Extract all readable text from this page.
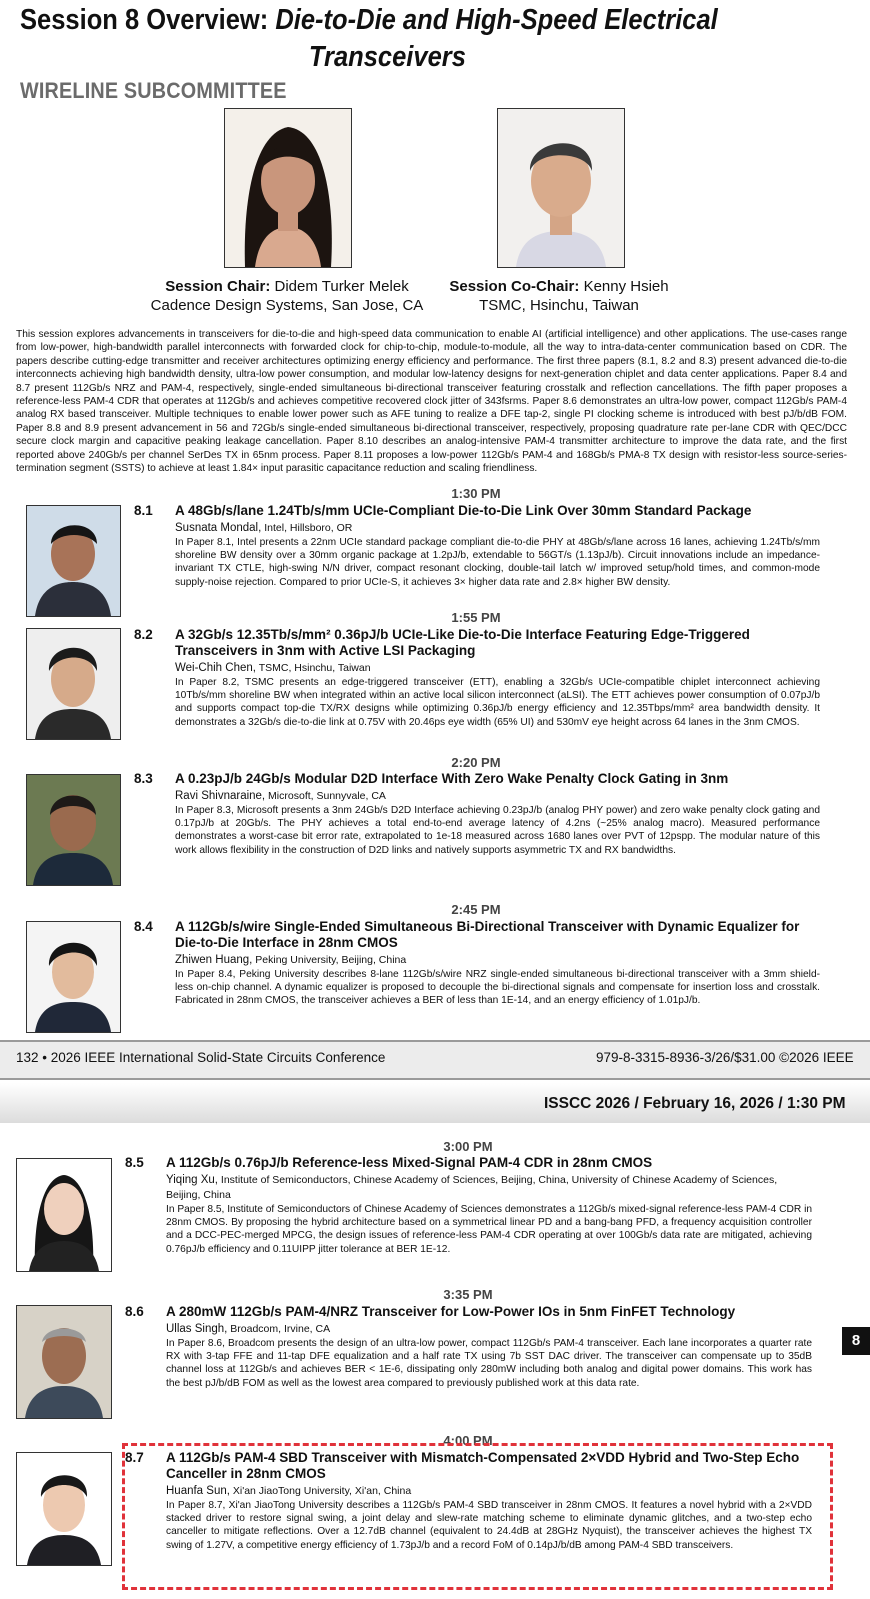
Session 8 Overview: Die-to-Die and High-Speed Electrical
Transceivers
WIRELINE SUBCOMMITTEE
Session Chair: Didem Turker Melek
Cadence Design Systems, San Jose, CA
Session Co-Chair: Kenny Hsieh
TSMC, Hsinchu, Taiwan
This session explores advancements in transceivers for die-to-die and high-speed data communication to enable AI (artificial intelligence) and other applications. The use-cases range from low-power, high-bandwidth parallel interconnects with forwarded clock for chip-to-chip, module-to-module, all the way to intra-data-center communication based on CDR. The papers describe cutting-edge transmitter and receiver architectures optimizing energy efficiency and performance. The first three papers (8.1, 8.2 and 8.3) present advanced die-to-die interconnects achieving high bandwidth density, ultra-low power consumption, and modular low-latency designs for next-generation chiplet and data center applications. Paper 8.4 and 8.7 present 112Gb/s NRZ and PAM-4, respectively, single-ended simultaneous bi-directional transceiver featuring crosstalk and reflection cancellations. The fifth paper proposes a reference-less PAM-4 CDR that operates at 112Gb/s and achieves competitive recovered clock jitter of 343fsrms. Paper 8.6 demonstrates an ultra-low power, compact 112Gb/s PAM-4 analog RX based transceiver. Multiple techniques to enable lower power such as AFE tuning to realize a DFE tap-2, single PI clocking scheme is introduced with best pJ/b/dB FOM. Paper 8.8 and 8.9 present advancement in 56 and 72Gb/s single-ended simultaneous bi-directional transceiver, respectively, proposing quadrature rate per-lane CDR with QEC/DCC secure clock margin and capacitive peaking leakage cancellation. Paper 8.10 describes an analog-intensive PAM-4 transmitter architecture to improve the data rate, and the first reported above 240Gb/s per channel SerDes TX in 65nm process. Paper 8.11 proposes a low-power 112Gb/s PAM-4 and 168Gb/s PMA-8 TX design with resistor-less source-series-termination segment (SSTS) to achieve at least 1.84× input parasitic capacitance reduction and scaling friendliness.
1:30 PM
8.1 A 48Gb/s/lane 1.24Tb/s/mm UCIe-Compliant Die-to-Die Link Over 30mm Standard Package
Susnata Mondal, Intel, Hillsboro, OR
In Paper 8.1, Intel presents a 22nm UCIe standard package compliant die-to-die PHY at 48Gb/s/lane across 16 lanes, achieving 1.24Tb/s/mm shoreline BW density over a 30mm organic package at 1.2pJ/b, extendable to 56GT/s (1.13pJ/b). Circuit innovations include an impedance-invariant TX CTLE, high-swing N/N driver, compact resonant clocking, double-tail latch w/ improved setup/hold times, and common-mode supply-noise rejection. Compared to prior UCIe-S, it achieves 3× higher data rate and 2.8× higher BW density.
1:55 PM
8.2 A 32Gb/s 12.35Tb/s/mm² 0.36pJ/b UCIe-Like Die-to-Die Interface Featuring Edge-Triggered Transceivers in 3nm with Active LSI Packaging
Wei-Chih Chen, TSMC, Hsinchu, Taiwan
In Paper 8.2, TSMC presents an edge-triggered transceiver (ETT), enabling a 32Gb/s UCIe-compatible chiplet interconnect achieving 10Tb/s/mm shoreline BW when integrated within an active local silicon interconnect (aLSI). The ETT achieves power consumption of 0.07pJ/b and supports compact top-die TX/RX designs while optimizing 0.36pJ/b energy efficiency and 12.35Tbps/mm² area bandwidth density. It demonstrates a 32Gb/s die-to-die link at 0.75V with 20.46ps eye width (65% UI) and 530mV eye height across 64 lanes in the 3nm CMOS.
2:20 PM
8.3 A 0.23pJ/b 24Gb/s Modular D2D Interface With Zero Wake Penalty Clock Gating in 3nm
Ravi Shivnaraine, Microsoft, Sunnyvale, CA
In Paper 8.3, Microsoft presents a 3nm 24Gb/s D2D Interface achieving 0.23pJ/b (analog PHY power) and zero wake penalty clock gating and 0.17pJ/b at 20Gb/s. The PHY achieves a total end-to-end average latency of 4.2ns (~25% analog macro). Measured performance demonstrates a worst-case bit error rate, extrapolated to 1e-18 measured across 1680 lanes over PVT of 12pspp. The modular nature of this work allows flexibility in the construction of D2D links and natively supports asymmetric TX and RX bandwidths.
2:45 PM
8.4 A 112Gb/s/wire Single-Ended Simultaneous Bi-Directional Transceiver with Dynamic Equalizer for Die-to-Die Interface in 28nm CMOS
Zhiwen Huang, Peking University, Beijing, China
In Paper 8.4, Peking University describes 8-lane 112Gb/s/wire NRZ single-ended simultaneous bi-directional transceiver with a 3mm shield-less on-chip channel. A dynamic equalizer is proposed to decouple the bi-directional signals and compensate for insertion loss and crosstalk. Fabricated in 28nm CMOS, the transceiver achieves a BER of less than 1E-14, and an energy efficiency of 1.01pJ/b.
132 • 2026 IEEE International Solid-State Circuits Conference	979-8-3315-8936-3/26/$31.00 ©2026 IEEE
ISSCC 2026 / February 16, 2026 / 1:30 PM
3:00 PM
8.5 A 112Gb/s 0.76pJ/b Reference-less Mixed-Signal PAM-4 CDR in 28nm CMOS
Yiqing Xu, Institute of Semiconductors, Chinese Academy of Sciences, Beijing, China, University of Chinese Academy of Sciences, Beijing, China
In Paper 8.5, Institute of Semiconductors of Chinese Academy of Sciences demonstrates a 112Gb/s mixed-signal reference-less PAM-4 CDR in 28nm CMOS. By proposing the hybrid architecture based on a symmetrical linear PD and a bang-bang PFD, a frequency acquisition controller and a DCC-PEC-merged MPCG, the design issues of reference-less PAM-4 CDR operating at over 100Gb/s data rate are mitigated, achieving 0.76pJ/b efficiency and 0.11UIPP jitter tolerance at BER 1E-12.
3:35 PM
8.6 A 280mW 112Gb/s PAM-4/NRZ Transceiver for Low-Power IOs in 5nm FinFET Technology
Ullas Singh, Broadcom, Irvine, CA
In Paper 8.6, Broadcom presents the design of an ultra-low power, compact 112Gb/s PAM-4 transceiver. Each lane incorporates a quarter rate RX with 3-tap FFE and 11-tap DFE equalization and a half rate TX using 7b SST DAC driver. The transceiver can compensate up to 35dB channel loss at 112Gb/s and achieves BER < 1E-6, dissipating only 280mW including both analog and digital power domains. This work has the best pJ/b/dB FOM as well as the lowest area compared to previously published work at this data rate.
8
4:00 PM
8.7 A 112Gb/s PAM-4 SBD Transceiver with Mismatch-Compensated 2×VDD Hybrid and Two-Step Echo Canceller in 28nm CMOS
Huanfa Sun, Xi'an JiaoTong University, Xi'an, China
In Paper 8.7, Xi'an JiaoTong University describes a 112Gb/s PAM-4 SBD transceiver in 28nm CMOS. It features a novel hybrid with a 2×VDD stacked driver to restore signal swing, a joint delay and slew-rate matching scheme to eliminate dynamic glitches, and a two-step echo canceller to mitigate reflections. Over a 12.7dB channel (equivalent to 24.4dB at 28GHz Nyquist), the transceiver achieves the highest TX swing of 1.27V, a competitive energy efficiency of 1.73pJ/b and a record FoM of 0.14pJ/b/dB among PAM-4 SBD transceivers.
